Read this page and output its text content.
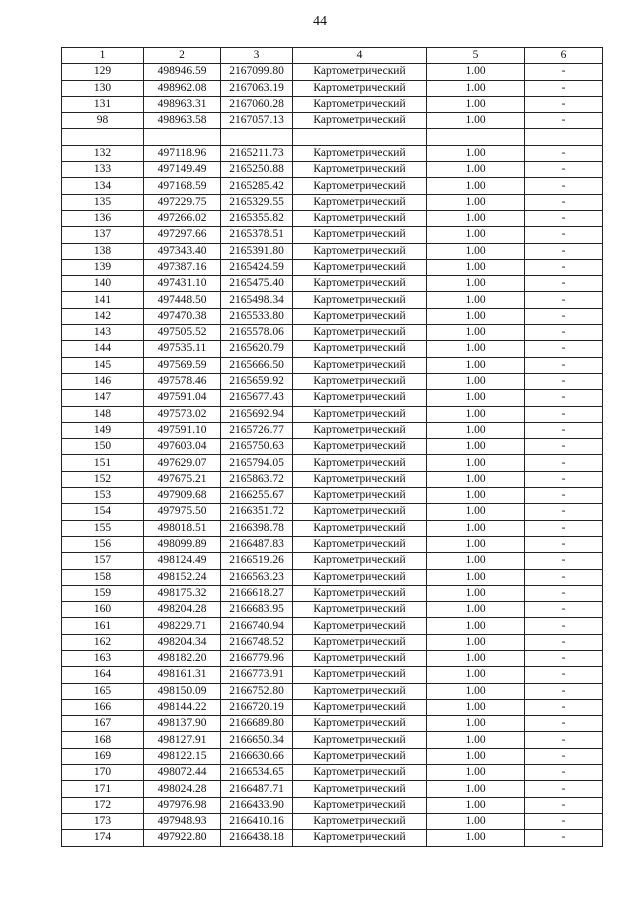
44
1	2	3	4	5	6
129	498946.59	2167099.80	Картометрический	1.00	-
130	498962.08	2167063.19	Картометрический	1.00	-
131	498963.31	2167060.28	Картометрический	1.00	-
98	498963.58	2167057.13	Картометрический	1.00	-

132	497118.96	2165211.73	Картометрический	1.00	-
133	497149.49	2165250.88	Картометрический	1.00	-
134	497168.59	2165285.42	Картометрический	1.00	-
135	497229.75	2165329.55	Картометрический	1.00	-
136	497266.02	2165355.82	Картометрический	1.00	-
137	497297.66	2165378.51	Картометрический	1.00	-
138	497343.40	2165391.80	Картометрический	1.00	-
139	497387.16	2165424.59	Картометрический	1.00	-
140	497431.10	2165475.40	Картометрический	1.00	-
141	497448.50	2165498.34	Картометрический	1.00	-
142	497470.38	2165533.80	Картометрический	1.00	-
143	497505.52	2165578.06	Картометрический	1.00	-
144	497535.11	2165620.79	Картометрический	1.00	-
145	497569.59	2165666.50	Картометрический	1.00	-
146	497578.46	2165659.92	Картометрический	1.00	-
147	497591.04	2165677.43	Картометрический	1.00	-
148	497573.02	2165692.94	Картометрический	1.00	-
149	497591.10	2165726.77	Картометрический	1.00	-
150	497603.04	2165750.63	Картометрический	1.00	-
151	497629.07	2165794.05	Картометрический	1.00	-
152	497675.21	2165863.72	Картометрический	1.00	-
153	497909.68	2166255.67	Картометрический	1.00	-
154	497975.50	2166351.72	Картометрический	1.00	-
155	498018.51	2166398.78	Картометрический	1.00	-
156	498099.89	2166487.83	Картометрический	1.00	-
157	498124.49	2166519.26	Картометрический	1.00	-
158	498152.24	2166563.23	Картометрический	1.00	-
159	498175.32	2166618.27	Картометрический	1.00	-
160	498204.28	2166683.95	Картометрический	1.00	-
161	498229.71	2166740.94	Картометрический	1.00	-
162	498204.34	2166748.52	Картометрический	1.00	-
163	498182.20	2166779.96	Картометрический	1.00	-
164	498161.31	2166773.91	Картометрический	1.00	-
165	498150.09	2166752.80	Картометрический	1.00	-
166	498144.22	2166720.19	Картометрический	1.00	-
167	498137.90	2166689.80	Картометрический	1.00	-
168	498127.91	2166650.34	Картометрический	1.00	-
169	498122.15	2166630.66	Картометрический	1.00	-
170	498072.44	2166534.65	Картометрический	1.00	-
171	498024.28	2166487.71	Картометрический	1.00	-
172	497976.98	2166433.90	Картометрический	1.00	-
173	497948.93	2166410.16	Картометрический	1.00	-
174	497922.80	2166438.18	Картометрический	1.00	-
